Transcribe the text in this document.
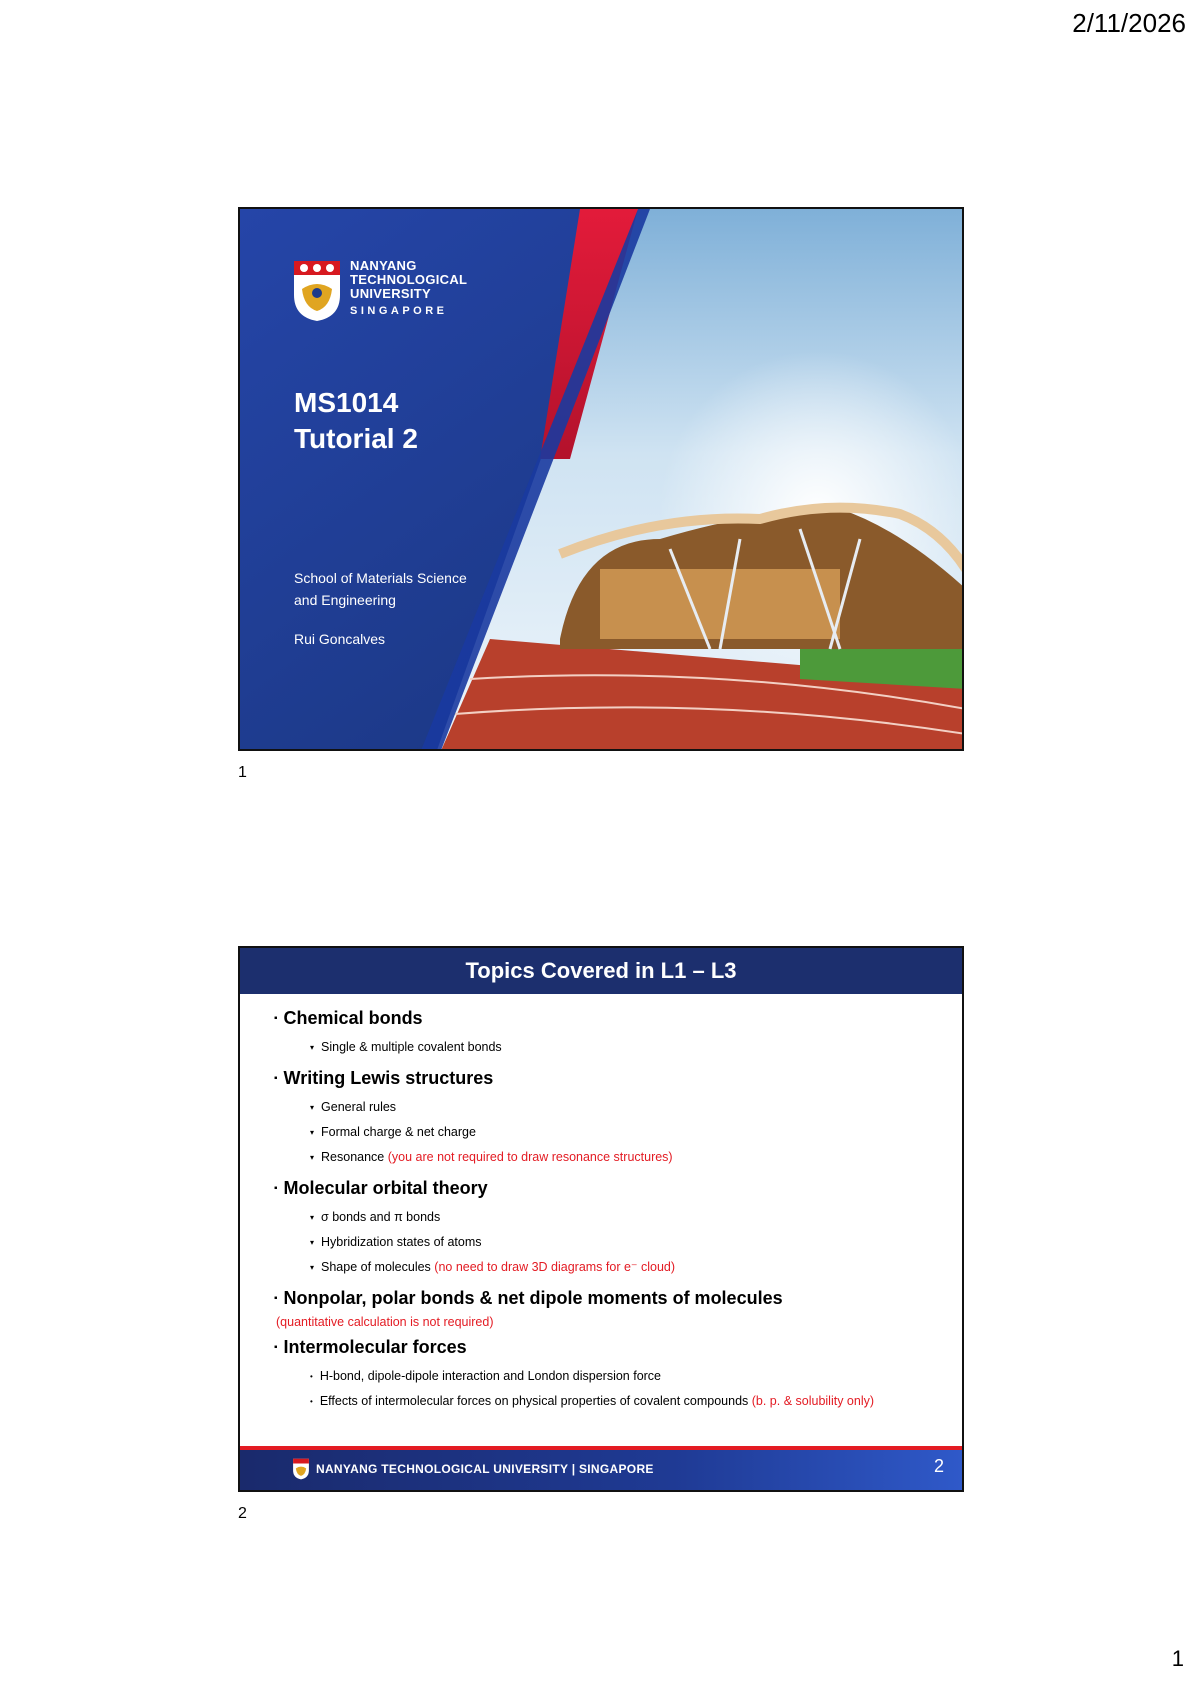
2/11/2026
NANYANG
TECHNOLOGICAL
UNIVERSITY
SINGAPORE
MS1014
Tutorial 2
School of Materials Science
and Engineering
Rui Goncalves
1
Topics Covered in L1 – L3
▪ Chemical bonds
▾ Single & multiple covalent bonds
▪ Writing Lewis structures
▾ General rules
▾ Formal charge & net charge
▾ Resonance (you are not required to draw resonance structures)
▪ Molecular orbital theory
▾ σ bonds and π bonds
▾ Hybridization states of atoms
▾ Shape of molecules (no need to draw 3D diagrams for e⁻ cloud)
▪ Nonpolar, polar bonds & net dipole moments of molecules
(quantitative calculation is not required)
▪ Intermolecular forces
• H-bond, dipole-dipole interaction and London dispersion force
• Effects of intermolecular forces on physical properties of covalent compounds (b. p. & solubility only)
NANYANG TECHNOLOGICAL UNIVERSITY | SINGAPORE	2
2
1
